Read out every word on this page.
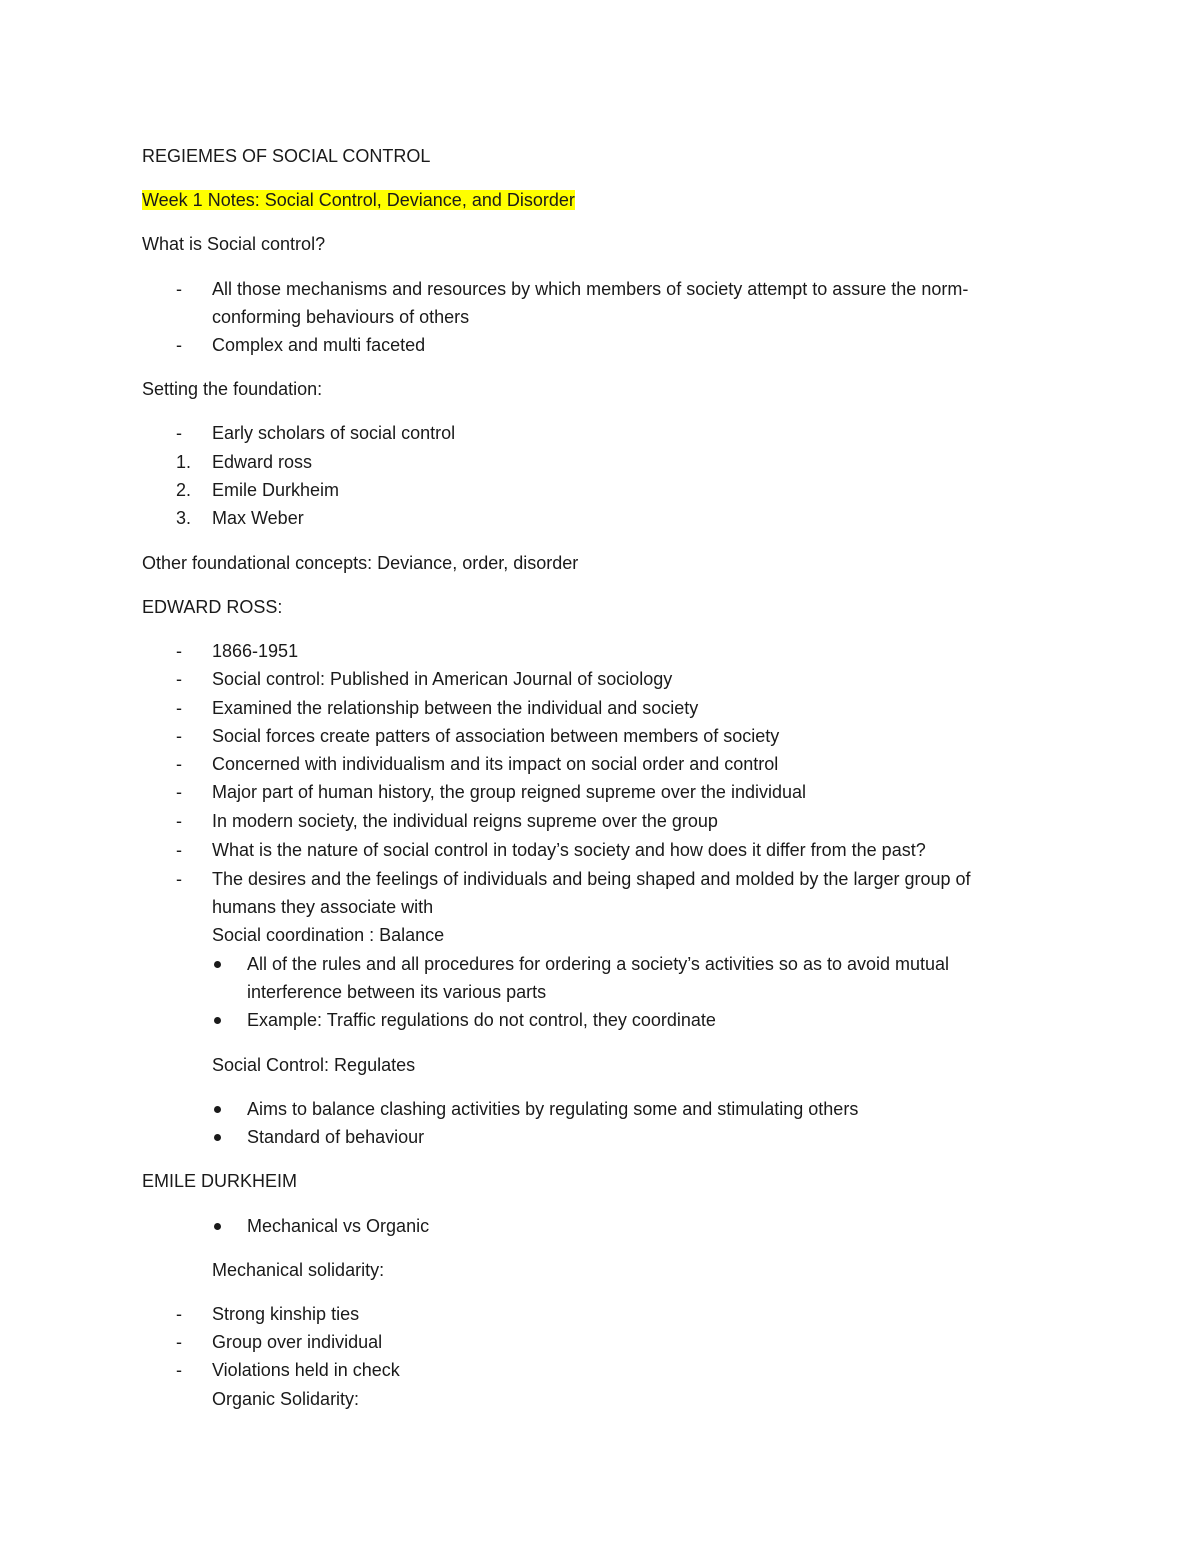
REGIEMES OF SOCIAL CONTROL
Week 1 Notes: Social Control, Deviance, and Disorder
What is Social control?
- All those mechanisms and resources by which members of society attempt to assure the norm-
conforming behaviours of others
- Complex and multi faceted
Setting the foundation:
- Early scholars of social control
1. Edward ross
2. Emile Durkheim
3. Max Weber
Other foundational concepts: Deviance, order, disorder
EDWARD ROSS:
- 1866-1951
- Social control: Published in American Journal of sociology
- Examined the relationship between the individual and society
- Social forces create patters of association between members of society
- Concerned with individualism and its impact on social order and control
- Major part of human history, the group reigned supreme over the individual
- In modern society, the individual reigns supreme over the group
- What is the nature of social control in today’s society and how does it differ from the past?
- The desires and the feelings of individuals and being shaped and molded by the larger group of
humans they associate with
Social coordination : Balance
All of the rules and all procedures for ordering a society’s activities so as to avoid mutual
interference between its various parts
Example: Traffic regulations do not control, they coordinate
Social Control: Regulates
Aims to balance clashing activities by regulating some and stimulating others
Standard of behaviour
EMILE DURKHEIM
Mechanical vs Organic
Mechanical solidarity:
- Strong kinship ties
- Group over individual
- Violations held in check
Organic Solidarity:
